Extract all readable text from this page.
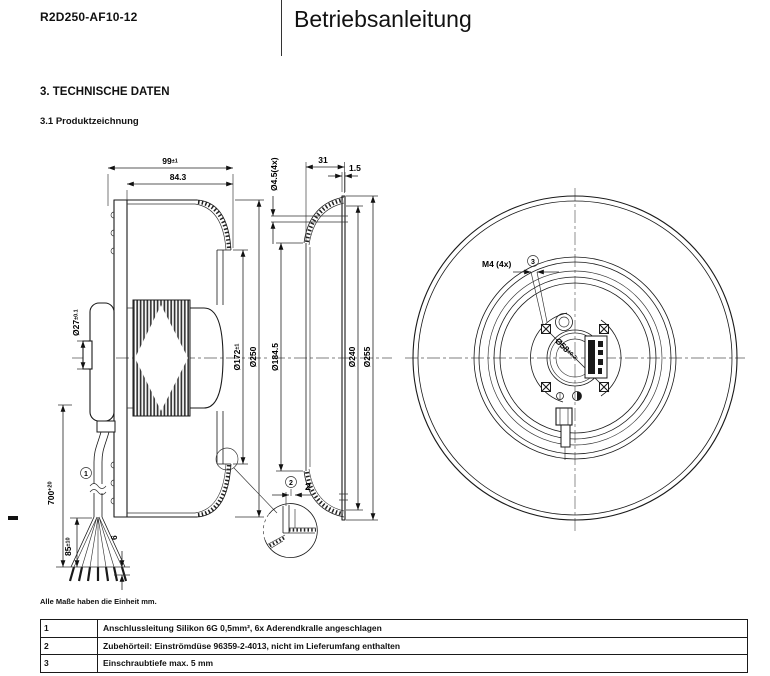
R2D250-AF10-12	Betriebsanleitung
3. TECHNISCHE DATEN
3.1 Produktzeichnung
Alle Maße haben die Einheit mm.
1	Anschlussleitung Silikon 6G 0,5mm², 6x Aderendkralle angeschlagen
2	Zubehörteil: Einströmdüse 96359-2-4013, nicht im Lieferumfang enthalten
3	Einschraubtiefe max. 5 mm
99±1
84.3
Ø27±0.1
Ø172±1 Ø250
$700^{+20}$
85±10	6
1
Ø4.5(4x)	31
1.5
Ø184.5	Ø240 Ø255
2
2
Ø58±0.2
M4 (4x)	3
